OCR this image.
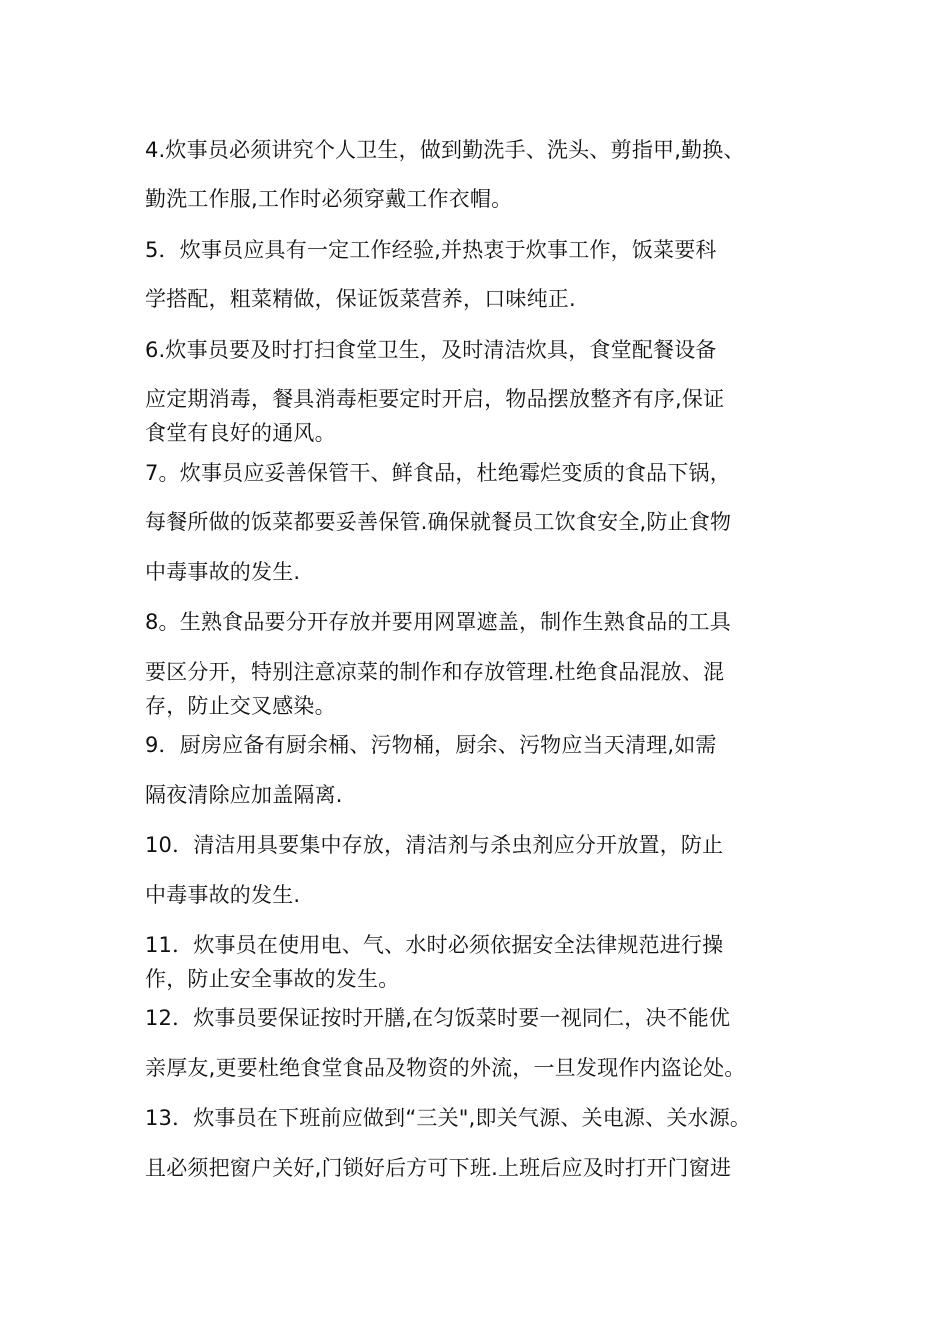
4.炊事员必须讲究个人卫生，做到勤洗手、洗头、剪指甲,勤换、
勤洗工作服,工作时必须穿戴工作衣帽。
5．炊事员应具有一定工作经验,并热衷于炊事工作，饭菜要科
学搭配，粗菜精做，保证饭菜营养，口味纯正.
6.炊事员要及时打扫食堂卫生，及时清洁炊具，食堂配餐设备
应定期消毒，餐具消毒柜要定时开启，物品摆放整齐有序,保证
食堂有良好的通风。
7。炊事员应妥善保管干、鲜食品，杜绝霉烂变质的食品下锅，
每餐所做的饭菜都要妥善保管.确保就餐员工饮食安全,防止食物
中毒事故的发生.
8。生熟食品要分开存放并要用网罩遮盖，制作生熟食品的工具
要区分开，特别注意凉菜的制作和存放管理.杜绝食品混放、混
存，防止交叉感染。
9．厨房应备有厨余桶、污物桶，厨余、污物应当天清理,如需
隔夜清除应加盖隔离.
10．清洁用具要集中存放，清洁剂与杀虫剂应分开放置，防止
中毒事故的发生.
11．炊事员在使用电、气、水时必须依据安全法律规范进行操
作，防止安全事故的发生。
12．炊事员要保证按时开膳,在匀饭菜时要一视同仁，决不能优
亲厚友,更要杜绝食堂食品及物资的外流，一旦发现作内盗论处。
13．炊事员在下班前应做到“三关",即关气源、关电源、关水源。
且必须把窗户关好,门锁好后方可下班.上班后应及时打开门窗进
